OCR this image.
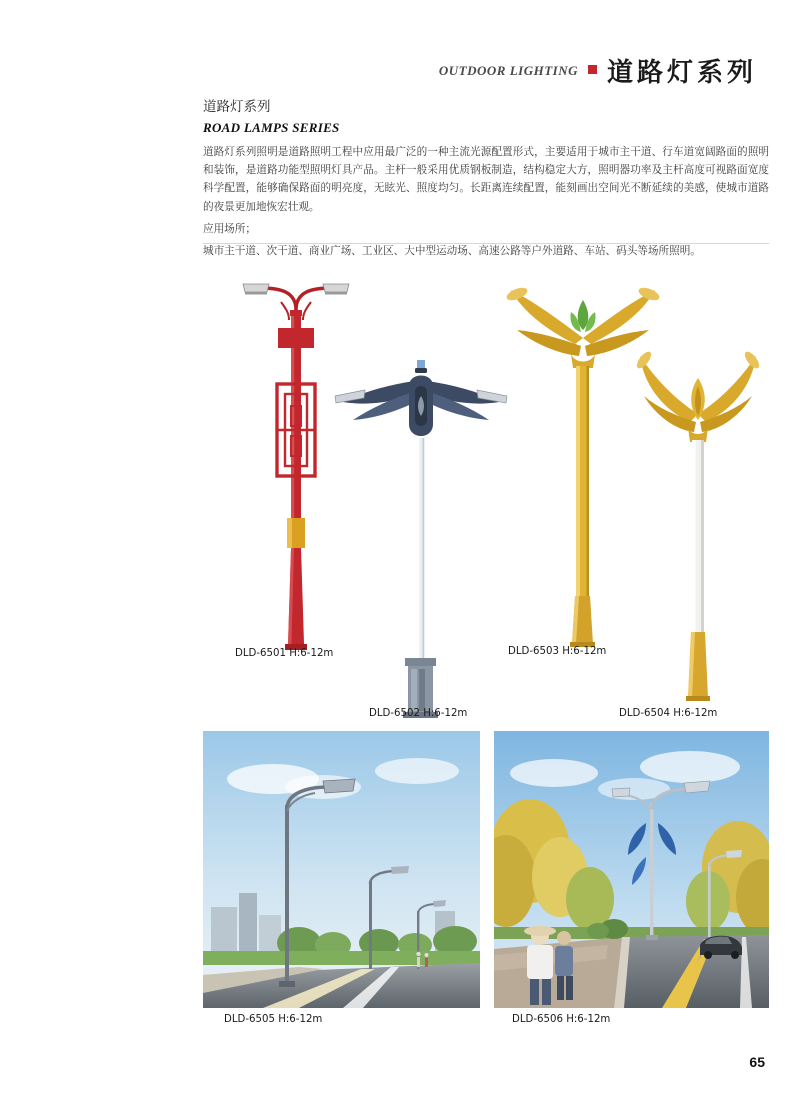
OUTDOOR LIGHTING 道路灯系列
道路灯系列
ROAD LAMPS SERIES
道路灯系列照明是道路照明工程中应用最广泛的一种主流光源配置形式，主要适用于城市主干道、行车道宽阔路面的照明和装饰，是道路功能型照明灯具产品。主杆一般采用优质钢板制造，结构稳定大方，照明器功率及主杆高度可视路面宽度科学配置，能够确保路面的明亮度，无眩光、照度均匀。长距离连续配置，能刻画出空间光不断延续的美感，使城市道路的夜景更加地恢宏壮观。
应用场所；
城市主干道、次干道、商业广场、工业区、大中型运动场、高速公路等户外道路、车站、码头等场所照明。
DLD-6501 H:6-12m
DLD-6502 H:6-12m
DLD-6503 H:6-12m
DLD-6504 H:6-12m
DLD-6505 H:6-12m	DLD-6506 H:6-12m
65
